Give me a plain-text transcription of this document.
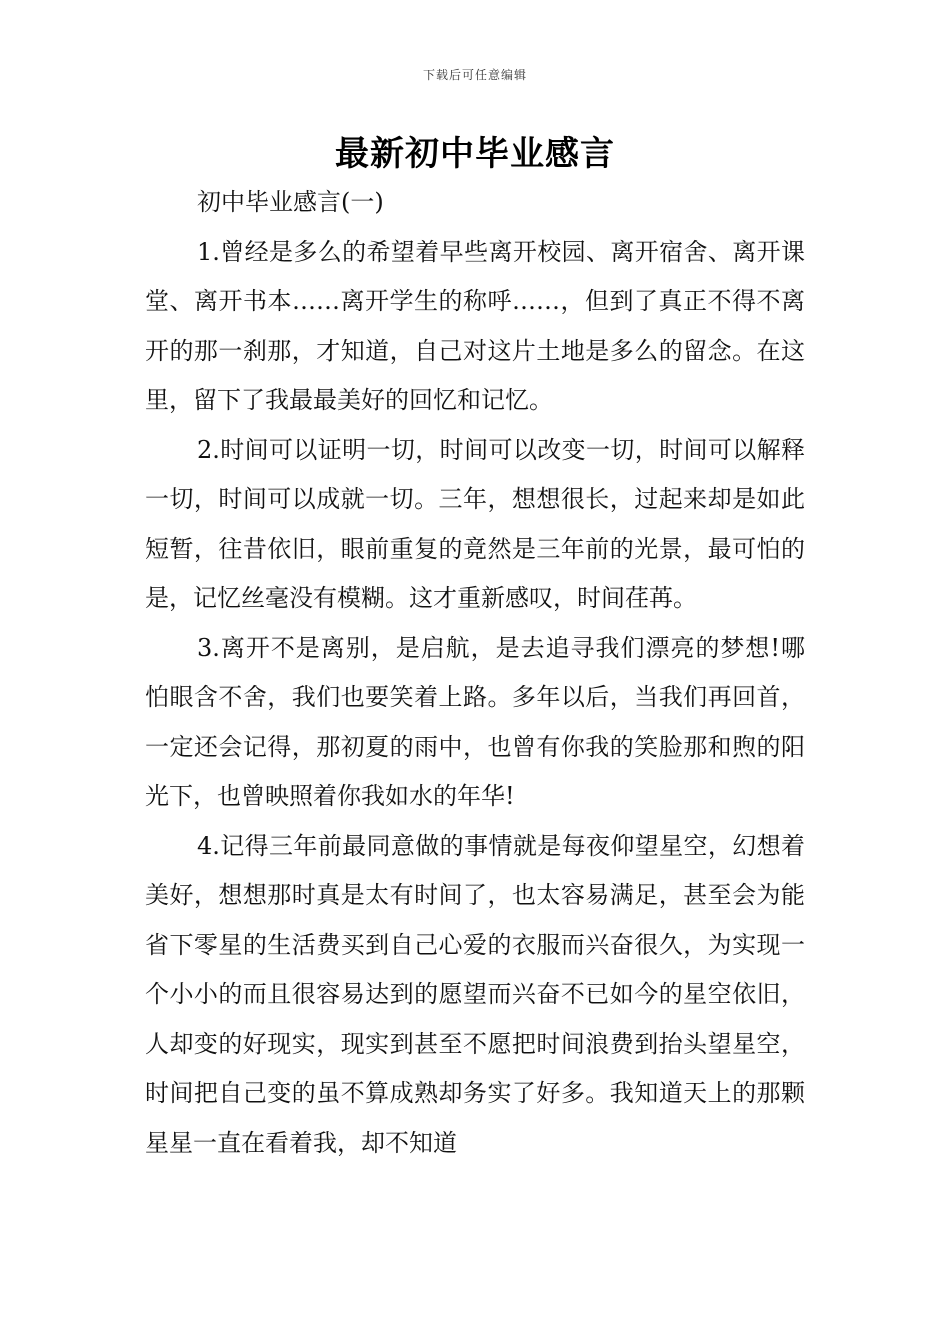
下载后可任意编辑
最新初中毕业感言

初中毕业感言(一)

1.曾经是多么的希望着早些离开校园、离开宿舍、离开课堂、离开书本……离开学生的称呼……，但到了真正不得不离开的那一刹那，才知道，自己对这片土地是多么的留念。在这里，留下了我最最美好的回忆和记忆。

2.时间可以证明一切，时间可以改变一切，时间可以解释一切，时间可以成就一切。三年，想想很长，过起来却是如此短暂，往昔依旧，眼前重复的竟然是三年前的光景，最可怕的是，记忆丝毫没有模糊。这才重新感叹，时间荏苒。

3.离开不是离别，是启航，是去追寻我们漂亮的梦想!哪怕眼含不舍，我们也要笑着上路。多年以后，当我们再回首，一定还会记得，那初夏的雨中，也曾有你我的笑脸那和煦的阳光下，也曾映照着你我如水的年华!

4.记得三年前最同意做的事情就是每夜仰望星空，幻想着美好，想想那时真是太有时间了，也太容易满足，甚至会为能省下零星的生活费买到自己心爱的衣服而兴奋很久，为实现一个小小的而且很容易达到的愿望而兴奋不已如今的星空依旧，人却变的好现实，现实到甚至不愿把时间浪费到抬头望星空，时间把自己变的虽不算成熟却务实了好多。我知道天上的那颗星星一直在看着我，却不知道
